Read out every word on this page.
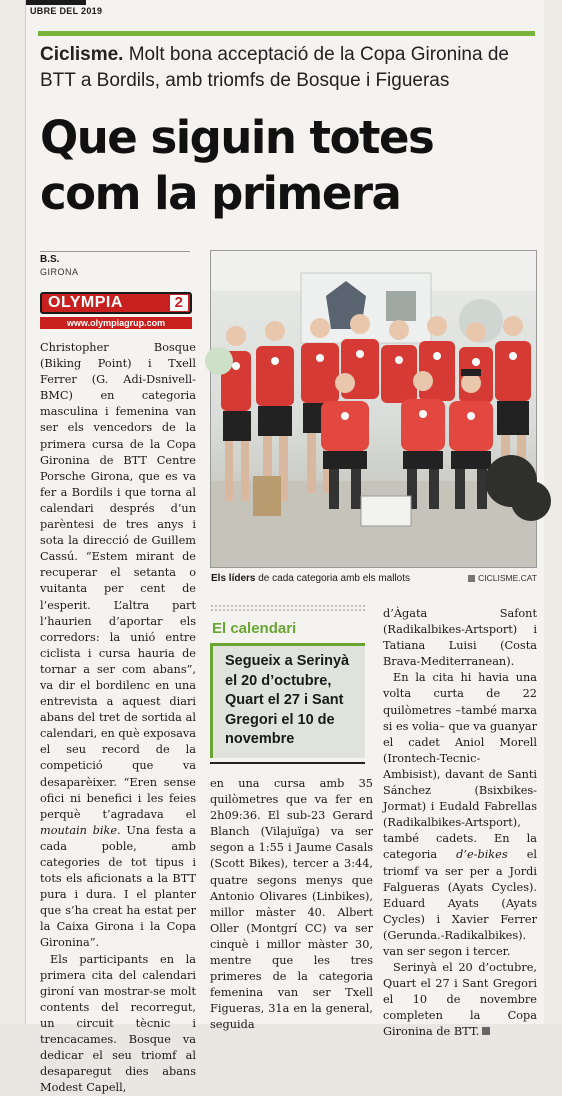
UBRE DEL 2019
Ciclisme. Molt bona acceptació de la Copa Gironina de BTT a Bordils, amb triomfs de Bosque i Figueras
Que siguin totes com la primera
B.S.
GIRONA
OLYMPIA	2
www.olympiagrup.com

Christopher Bosque (Biking Point) i Txell Ferrer (G. Adi-Dsnivell-BMC) en categoria masculina i femenina van ser els vencedors de la primera cursa de la Copa Gironina de BTT Centre Porsche Girona, que es va fer a Bordils i que torna al calendari després d’un parèntesi de tres anys i sota la direcció de Guillem Cassú. “Estem mirant de recuperar el setanta o vuitanta per cent de l’esperit. L’altra part l’haurien d’aportar els corredors: la unió entre ciclista i cursa hauria de tornar a ser com abans”, va dir el bordilenc en una entrevista a aquest diari abans del tret de sortida al calendari, en què exposava el seu record de la competició que va desaparèixer. “Eren sense ofici ni benefici i les feies perquè t’agradava el moutain bike. Una festa a cada poble, amb categories de tot tipus i tots els aficionats a la BTT pura i dura. I el planter que s’ha creat ha estat per la Caixa Girona i la Copa Gironina”.

Els participants en la primera cita del calendari gironí van mostrar-se molt contents del recorregut, un circuit tècnic i trencacames. Bosque va dedicar el seu triomf al desaparegut dies abans Modest Capell,

CICLISME.CAT
Els líders de cada categoria amb els mallots
El calendari
Segueix a Serinyà el 20 d’octubre, Quart el 27 i Sant Gregori el 10 de novembre

en una cursa amb 35 quilòmetres que va fer en 2h09:36. El sub-23 Gerard Blanch (Vilajuïga) va ser segon a 1:55 i Jaume Casals (Scott Bikes), tercer a 3:44, quatre segons menys que Antonio Olivares (Linbikes), millor màster 40. Albert Oller (Montgrí CC) va ser cinquè i millor màster 30, mentre que les tres primeres de la categoria femenina van ser Txell Figueras, 31a en la general, seguida

d’Àgata Safont (Radikalbikes-Artsport) i Tatiana Luisi (Costa Brava-Mediterranean).

En la cita hi havia una volta curta de 22 quilòmetres –també marxa si es volia– que va guanyar el cadet Aniol Morell (Irontech-Tecnic-Ambisist), davant de Santi Sánchez (Bsixbikes-Jormat) i Eudald Fabrellas (Radikalbikes-Artsport), també cadets. En la categoria d’e-bikes el triomf va ser per a Jordi Falgueras (Ayats Cycles). Eduard Ayats (Ayats Cycles) i Xavier Ferrer (Gerunda.-Radikalbikes). van ser segon i tercer.

Serinyà el 20 d’octubre, Quart el 27 i Sant Gregori el 10 de novembre completen la Copa Gironina de BTT.
